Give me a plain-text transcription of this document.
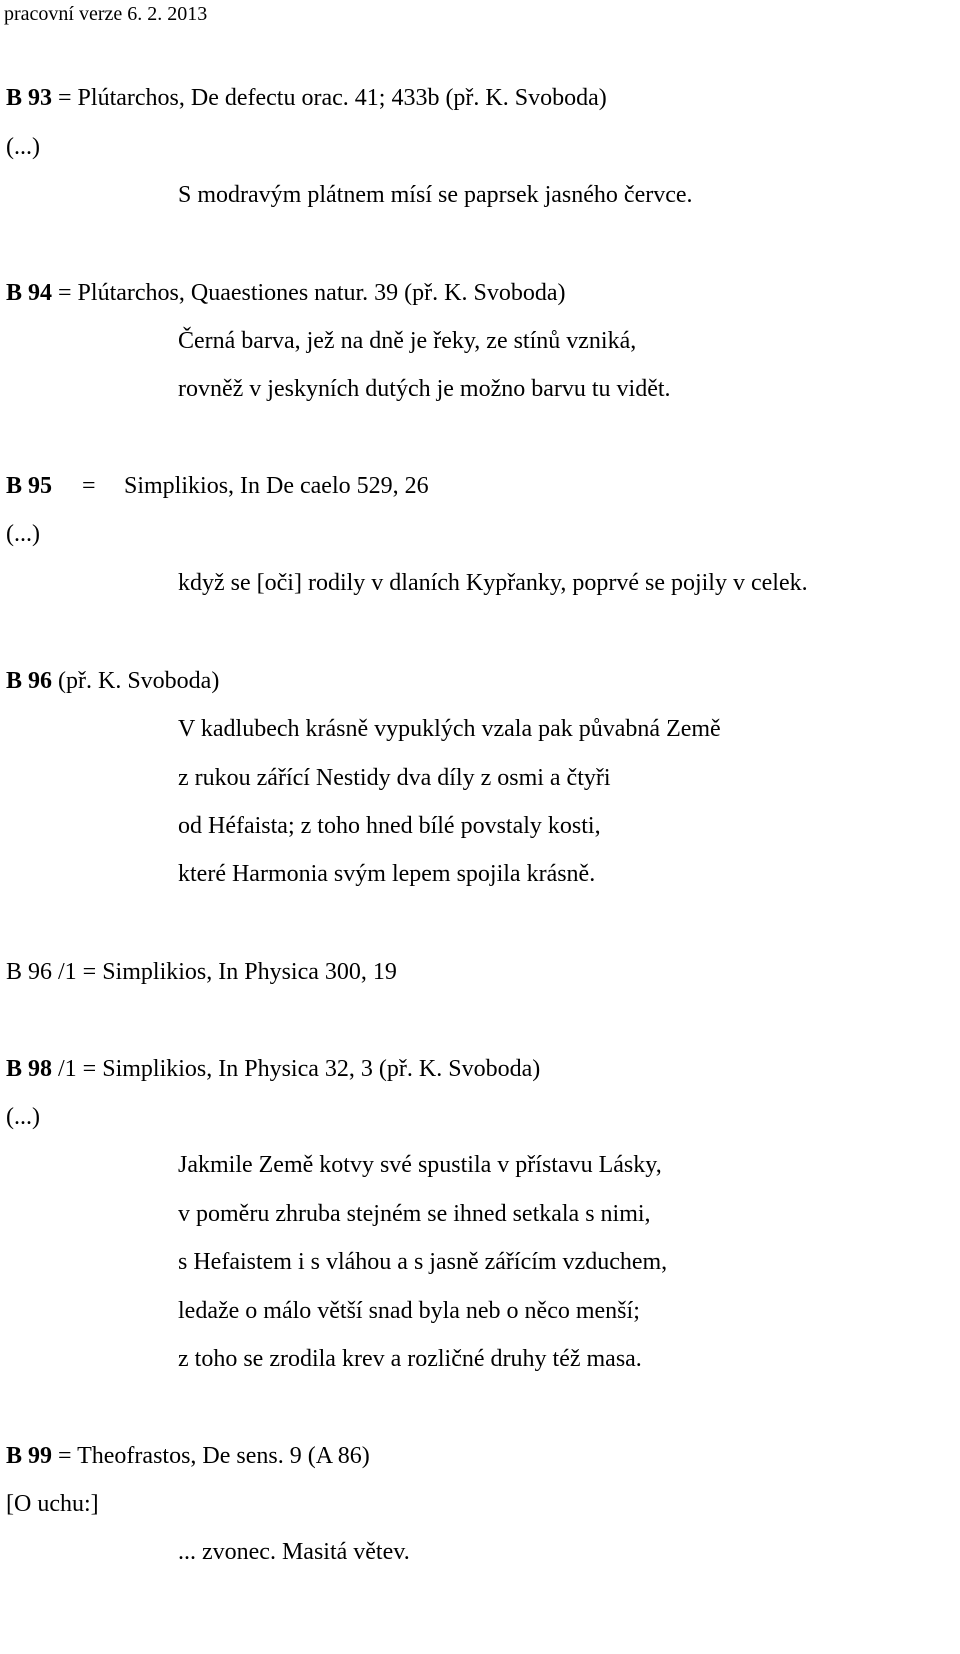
pracovní verze 6. 2. 2013
B 93 = Plútarchos, De defectu orac. 41; 433b (př. K. Svoboda)
(...)
S modravým plátnem mísí se paprsek jasného červce.
B 94 = Plútarchos, Quaestiones natur. 39 (př. K. Svoboda)
Černá barva, jež na dně je řeky, ze stínů vzniká,
rovněž v jeskyních dutých je možno barvu tu vidět.
B 95 = Simplikios, In De caelo 529, 26
(...)
když se [oči] rodily v dlaních Kypřanky, poprvé se pojily v celek.
B 96 (př. K. Svoboda)
V kadlubech krásně vypuklých vzala pak půvabná Země
z rukou zářící Nestidy dva díly z osmi a čtyři
od Héfaista; z toho hned bílé povstaly kosti,
které Harmonia svým lepem spojila krásně.
B 96 /1 = Simplikios, In Physica 300, 19
B 98 /1 = Simplikios, In Physica 32, 3 (př. K. Svoboda)
(...)
Jakmile Země kotvy své spustila v přístavu Lásky,
v poměru zhruba stejném se ihned setkala s nimi,
s Hefaistem i s vláhou a s jasně zářícím vzduchem,
ledaže o málo větší snad byla neb o něco menší;
z toho se zrodila krev a rozličné druhy též masa.
B 99 = Theofrastos, De sens. 9 (A 86)
[O uchu:]
... zvonec. Masitá větev.
